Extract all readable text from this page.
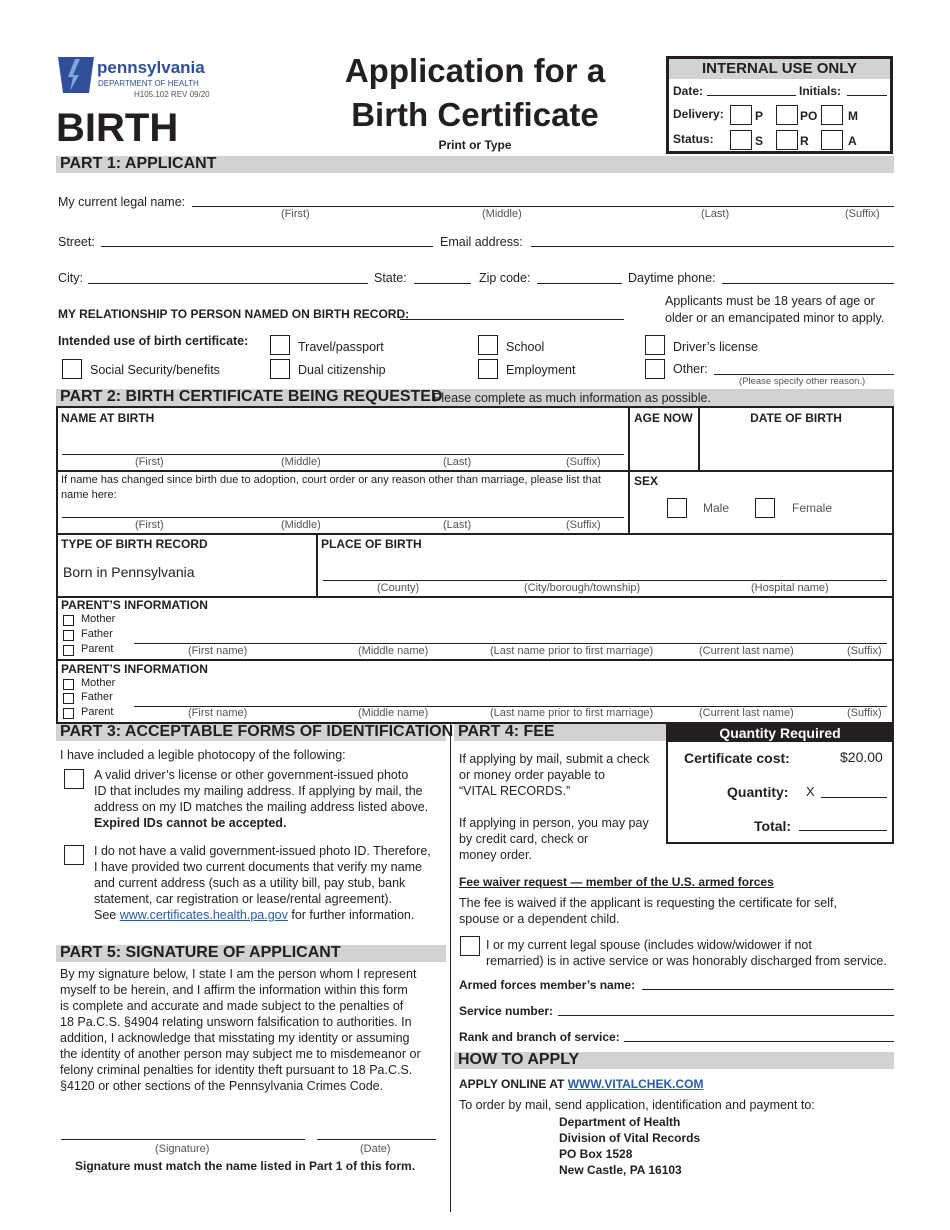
pennsylvania
DEPARTMENT OF HEALTH
H105.102 REV 09/20
BIRTH
Application for a
Birth Certificate
Print or Type
INTERNAL USE ONLY
Date:	Initials:
Delivery:	P	PO	M
Status:	S	R	A
PART 1: APPLICANT
My current legal name:
(First)	(Middle)	(Last)	(Suffix)
Street:	Email address:
City:	State:	Zip code:	Daytime phone:
MY RELATIONSHIP TO PERSON NAMED ON BIRTH RECORD:
Applicants must be 18 years of age or
older or an emancipated minor to apply.
Intended use of birth certificate:	Travel/passport	School	Driver’s license
Social Security/benefits	Dual citizenship	Employment	Other:
(Please specify other reason.)
PART 2: BIRTH CERTIFICATE BEING REQUESTED
Please complete as much information as possible.
NAME AT BIRTH
(First)	(Middle)	(Last)	(Suffix)
AGE NOW	DATE OF BIRTH
If name has changed since birth due to adoption, court order or any reason other than marriage, please list that
name here:
(First)	(Middle)	(Last)	(Suffix)
SEX
Male	Female
TYPE OF BIRTH RECORD
Born in Pennsylvania
PLACE OF BIRTH
(County)	(City/borough/township)	(Hospital name)
PARENT’S INFORMATION
Mother
Father
Parent	(First name)	(Middle name)	(Last name prior to first marriage)	(Current last name)	(Suffix)
PARENT’S INFORMATION
Mother
Father
Parent	(First name)	(Middle name)	(Last name prior to first marriage)	(Current last name)	(Suffix)
PART 3: ACCEPTABLE FORMS OF IDENTIFICATION
I have included a legible photocopy of the following:
A valid driver’s license or other government-issued photo
ID that includes my mailing address. If applying by mail, the
address on my ID matches the mailing address listed above.
Expired IDs cannot be accepted.
I do not have a valid government-issued photo ID. Therefore,
I have provided two current documents that verify my name
and current address (such as a utility bill, pay stub, bank
statement, car registration or lease/rental agreement).
See www.certificates.health.pa.gov for further information.
PART 5: SIGNATURE OF APPLICANT
By my signature below, I state I am the person whom I represent
myself to be herein, and I affirm the information within this form
is complete and accurate and made subject to the penalties of
18 Pa.C.S. §4904 relating unsworn falsification to authorities. In
addition, I acknowledge that misstating my identity or assuming
the identity of another person may subject me to misdemeanor or
felony criminal penalties for identity theft pursuant to 18 Pa.C.S.
§4120 or other sections of the Pennsylvania Crimes Code.
(Signature)	(Date)
Signature must match the name listed in Part 1 of this form.
PART 4: FEE
If applying by mail, submit a check
or money order payable to
“VITAL RECORDS.”
If applying in person, you may pay
by credit card, check or
money order.
Quantity Required
Certificate cost:	$20.00
Quantity: X
Total:
Fee waiver request — member of the U.S. armed forces
The fee is waived if the applicant is requesting the certificate for self,
spouse or a dependent child.
I or my current legal spouse (includes widow/widower if not
remarried) is in active service or was honorably discharged from service.
Armed forces member’s name:
Service number:
Rank and branch of service:
HOW TO APPLY
APPLY ONLINE AT WWW.VITALCHEK.COM
To order by mail, send application, identification and payment to:
Department of Health
Division of Vital Records
PO Box 1528
New Castle, PA 16103
